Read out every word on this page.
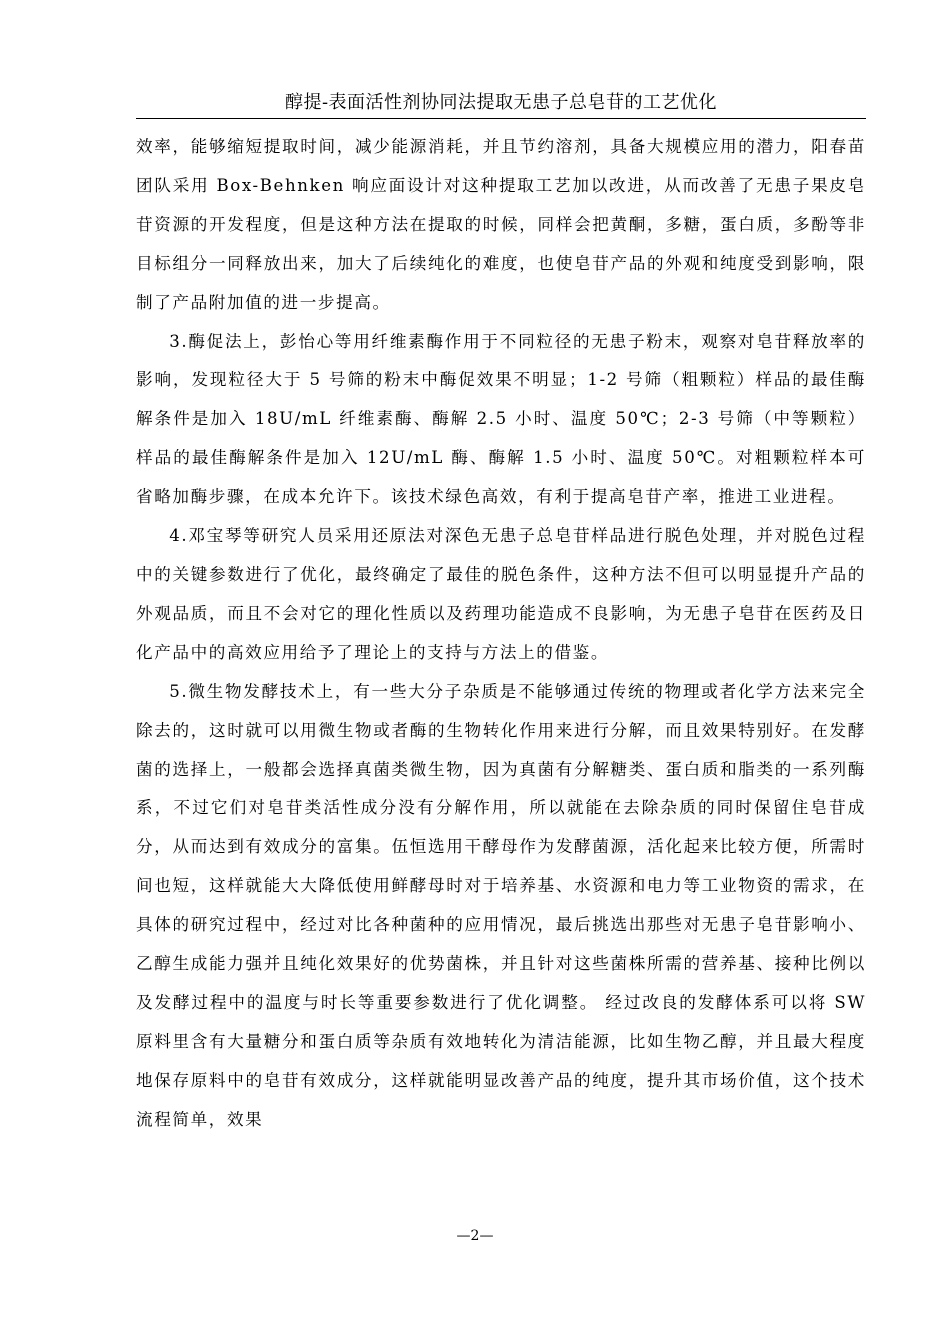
醇提-表面活性剂协同法提取无患子总皂苷的工艺优化

效率，能够缩短提取时间，减少能源消耗，并且节约溶剂，具备大规模应用的潜力，阳春苗团队采用 Box-Behnken 响应面设计对这种提取工艺加以改进，从而改善了无患子果皮皂苷资源的开发程度，但是这种方法在提取的时候，同样会把黄酮，多糖，蛋白质，多酚等非目标组分一同释放出来，加大了后续纯化的难度，也使皂苷产品的外观和纯度受到影响，限制了产品附加值的进一步提高。

3.酶促法上，彭怡心等用纤维素酶作用于不同粒径的无患子粉末，观察对皂苷释放率的影响，发现粒径大于 5 号筛的粉末中酶促效果不明显；1-2 号筛（粗颗粒）样品的最佳酶解条件是加入 18U/mL 纤维素酶、酶解 2.5 小时、温度 50℃；2-3 号筛（中等颗粒）样品的最佳酶解条件是加入 12U/mL 酶、酶解 1.5 小时、温度 50℃。对粗颗粒样本可省略加酶步骤，在成本允许下。该技术绿色高效，有利于提高皂苷产率，推进工业进程。

4.邓宝琴等研究人员采用还原法对深色无患子总皂苷样品进行脱色处理，并对脱色过程中的关键参数进行了优化，最终确定了最佳的脱色条件，这种方法不但可以明显提升产品的外观品质，而且不会对它的理化性质以及药理功能造成不良影响，为无患子皂苷在医药及日化产品中的高效应用给予了理论上的支持与方法上的借鉴。

5.微生物发酵技术上，有一些大分子杂质是不能够通过传统的物理或者化学方法来完全除去的，这时就可以用微生物或者酶的生物转化作用来进行分解，而且效果特别好。在发酵菌的选择上，一般都会选择真菌类微生物，因为真菌有分解糖类、蛋白质和脂类的一系列酶系，不过它们对皂苷类活性成分没有分解作用，所以就能在去除杂质的同时保留住皂苷成分，从而达到有效成分的富集。伍恒选用干酵母作为发酵菌源，活化起来比较方便，所需时间也短，这样就能大大降低使用鲜酵母时对于培养基、水资源和电力等工业物资的需求，在具体的研究过程中，经过对比各种菌种的应用情况，最后挑选出那些对无患子皂苷影响小、乙醇生成能力强并且纯化效果好的优势菌株，并且针对这些菌株所需的营养基、接种比例以及发酵过程中的温度与时长等重要参数进行了优化调整。 经过改良的发酵体系可以将 SW 原料里含有大量糖分和蛋白质等杂质有效地转化为清洁能源，比如生物乙醇，并且最大程度地保存原料中的皂苷有效成分，这样就能明显改善产品的纯度，提升其市场价值，这个技术流程简单，效果

—2—
